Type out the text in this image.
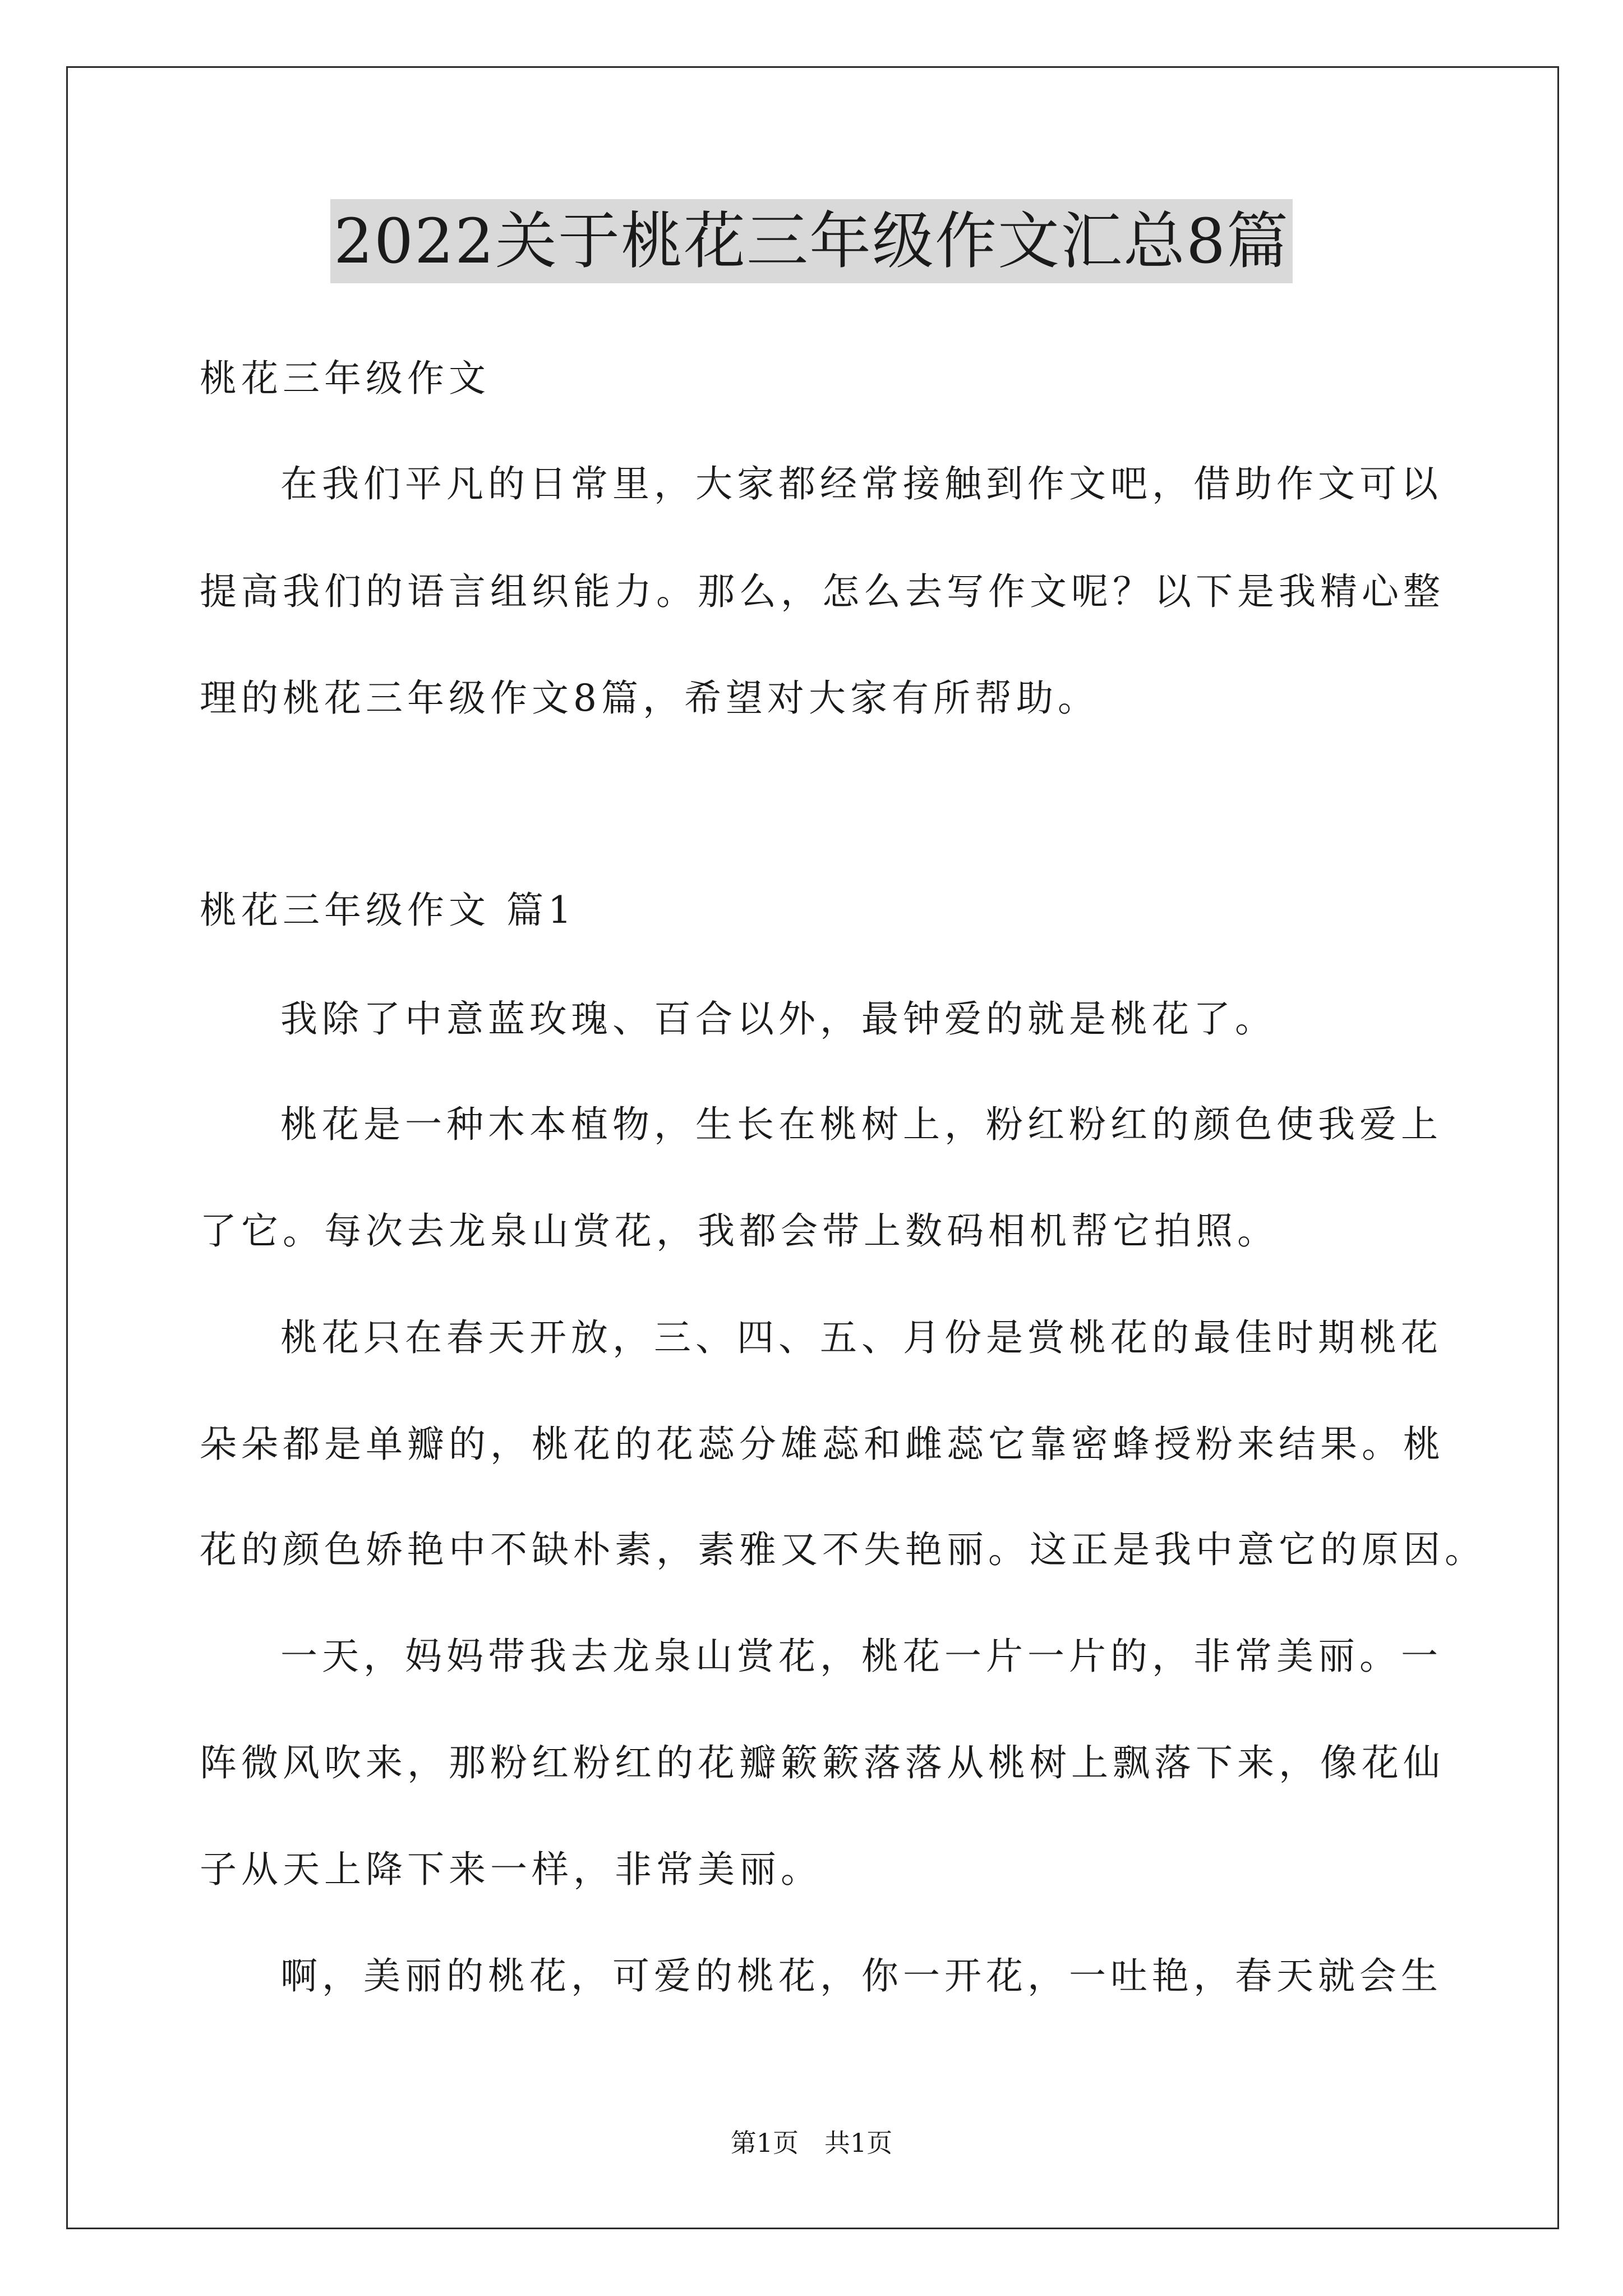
2022关于桃花三年级作文汇总8篇
桃花三年级作文
在我们平凡的日常里，大家都经常接触到作文吧，借助作文可以
提高我们的语言组织能力。那么，怎么去写作文呢？以下是我精心整
理的桃花三年级作文8篇，希望对大家有所帮助。
桃花三年级作文 篇1
我除了中意蓝玫瑰、百合以外，最钟爱的就是桃花了。
桃花是一种木本植物，生长在桃树上，粉红粉红的颜色使我爱上
了它。每次去龙泉山赏花，我都会带上数码相机帮它拍照。
桃花只在春天开放，三、四、五、月份是赏桃花的最佳时期桃花
朵朵都是单瓣的，桃花的花蕊分雄蕊和雌蕊它靠密蜂授粉来结果。桃
花的颜色娇艳中不缺朴素，素雅又不失艳丽。这正是我中意它的原因。
一天，妈妈带我去龙泉山赏花，桃花一片一片的，非常美丽。一
阵微风吹来，那粉红粉红的花瓣簌簌落落从桃树上飘落下来，像花仙
子从天上降下来一样，非常美丽。
啊，美丽的桃花，可爱的桃花，你一开花，一吐艳，春天就会生
第1页　共1页
